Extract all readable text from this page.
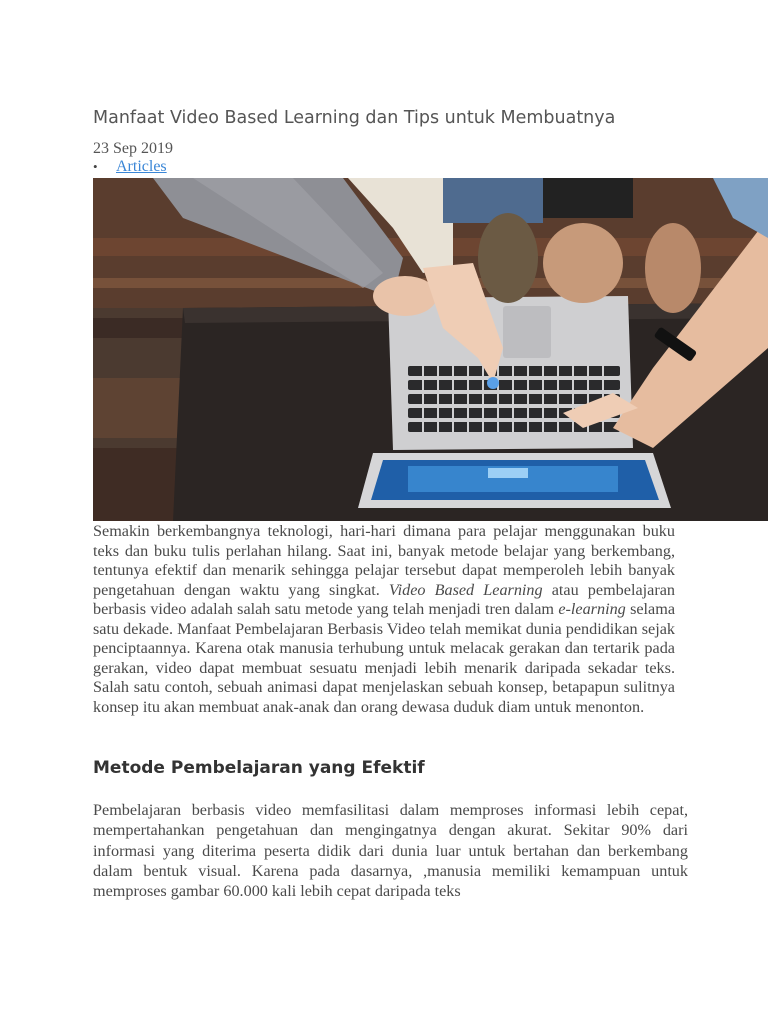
Manfaat Video Based Learning dan Tips untuk Membuatnya
23 Sep 2019
• Articles

Semakin berkembangnya teknologi, hari-hari dimana para pelajar menggunakan buku teks dan buku tulis perlahan hilang. Saat ini, banyak metode belajar yang berkembang, tentunya efektif dan menarik sehingga pelajar tersebut dapat memperoleh lebih banyak pengetahuan dengan waktu yang singkat. Video Based Learning atau pembelajaran berbasis video adalah salah satu metode yang telah menjadi tren dalam e-learning selama satu dekade. Manfaat Pembelajaran Berbasis Video telah memikat dunia pendidikan sejak penciptaannya. Karena otak manusia terhubung untuk melacak gerakan dan tertarik pada gerakan, video dapat membuat sesuatu menjadi lebih menarik daripada sekadar teks. Salah satu contoh, sebuah animasi dapat menjelaskan sebuah konsep, betapapun sulitnya konsep itu akan membuat anak-anak dan orang dewasa duduk diam untuk menonton.

Metode Pembelajaran yang Efektif

Pembelajaran berbasis video memfasilitasi dalam memproses informasi lebih cepat, mempertahankan pengetahuan dan mengingatnya dengan akurat. Sekitar 90% dari informasi yang diterima peserta didik dari dunia luar untuk bertahan dan berkembang dalam bentuk visual. Karena pada dasarnya, ,manusia memiliki kemampuan untuk memproses gambar 60.000 kali lebih cepat daripada teks
